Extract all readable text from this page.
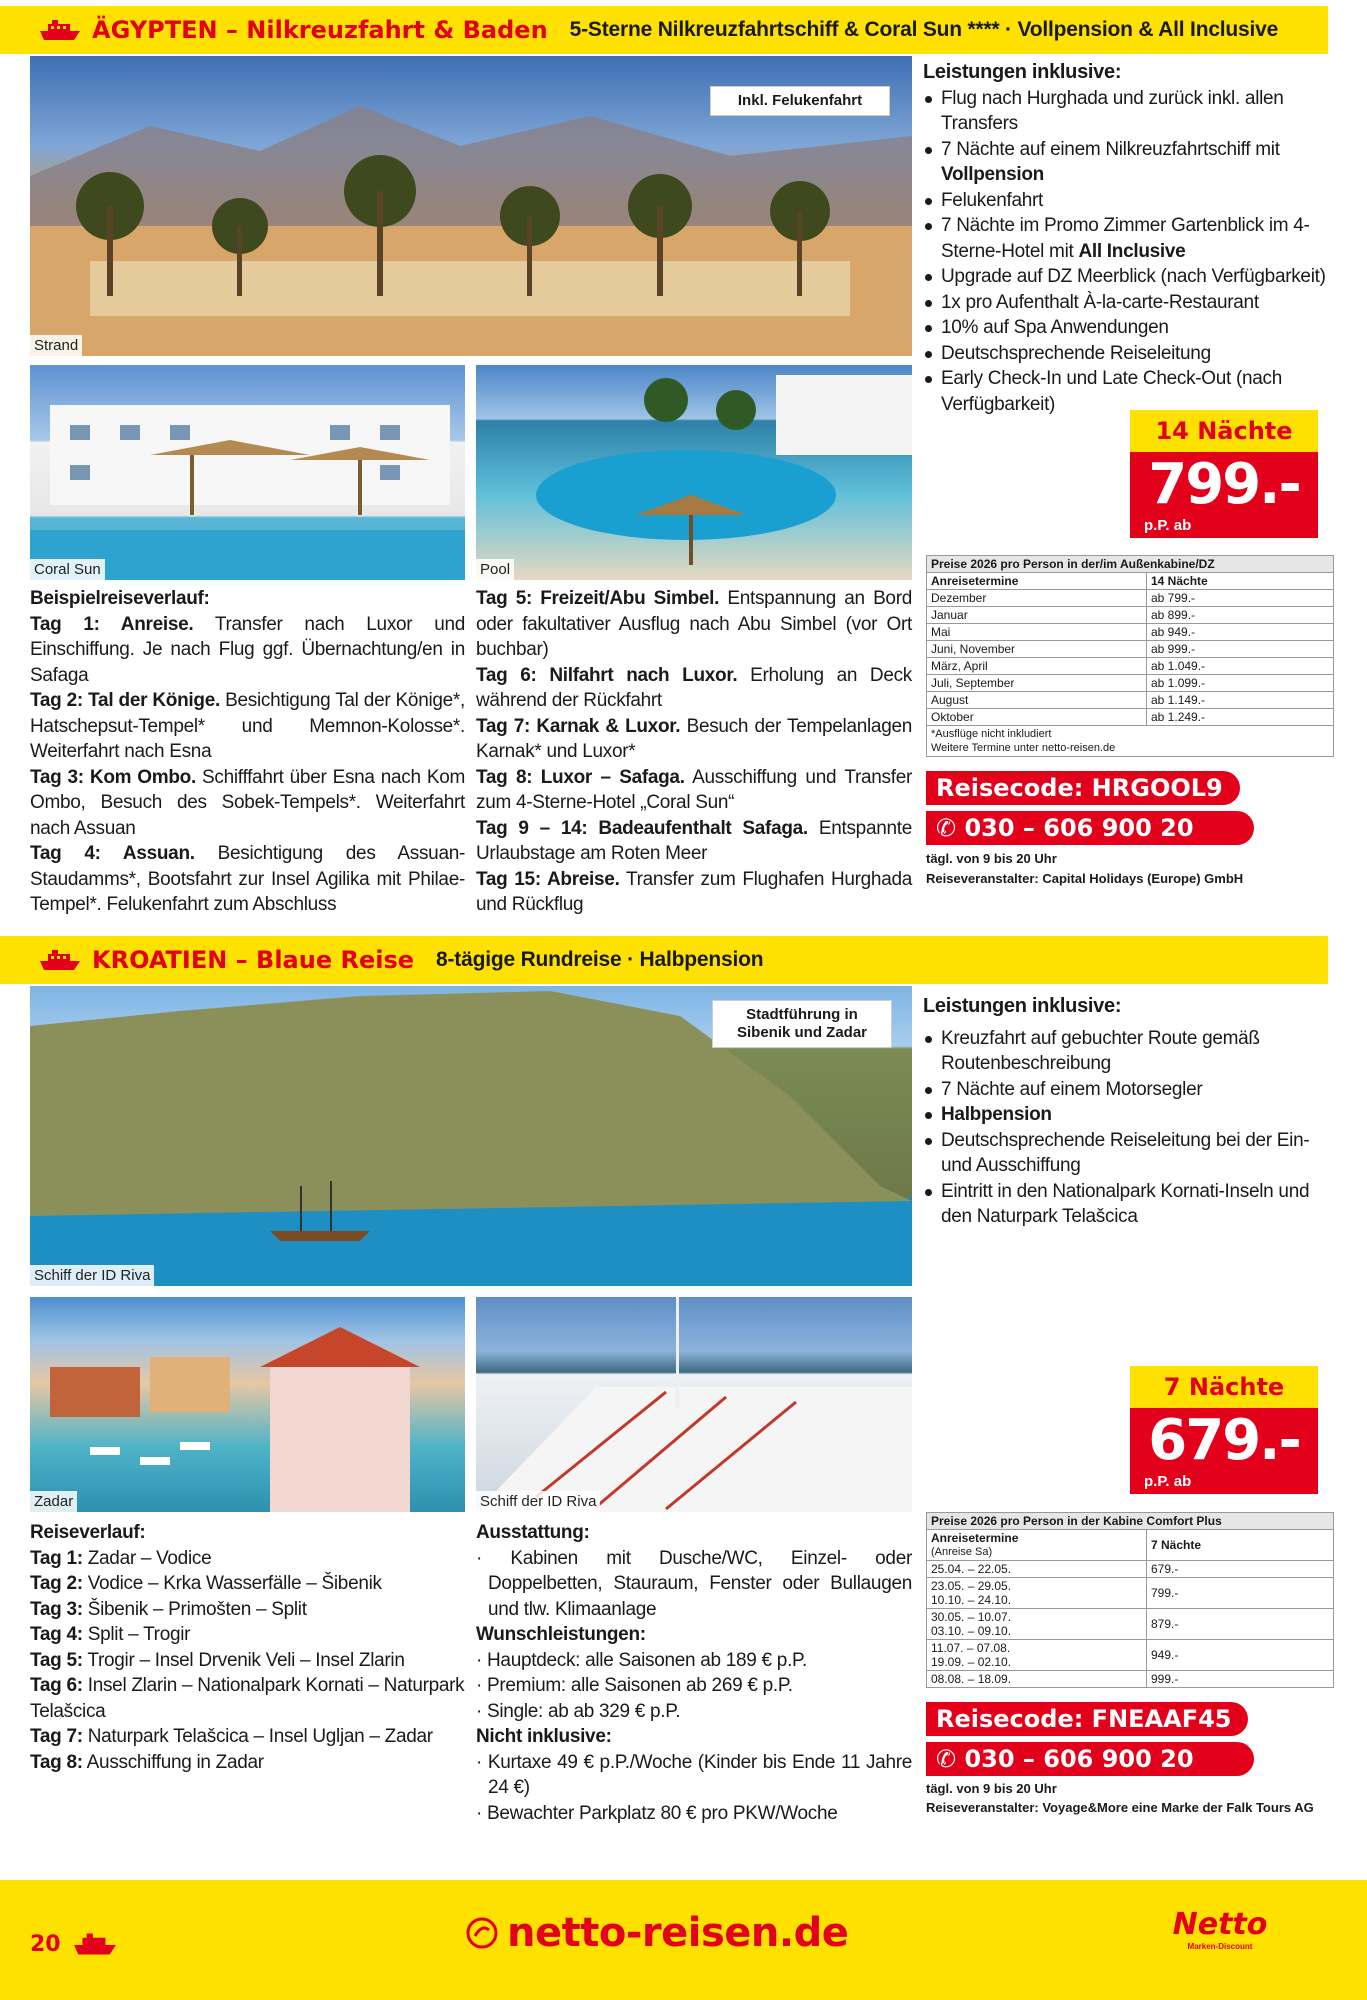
ÄGYPTEN – Nilkreuzfahrt & Baden 5-Sterne Nilkreuzfahrtschiff & Coral Sun **** · Vollpension & All Inclusive
Inkl. Felukenfahrt
Strand
Coral Sun	Pool
Leistungen inklusive:
Flug nach Hurghada und zurück inkl. allen Transfers
7 Nächte auf einem Nilkreuzfahrtschiff mit Vollpension
Felukenfahrt
7 Nächte im Promo Zimmer Gartenblick im 4-Sterne-Hotel mit All Inclusive
Upgrade auf DZ Meerblick (nach Verfügbarkeit)
1x pro Aufenthalt À-la-carte-Restaurant
10% auf Spa Anwendungen
Deutschsprechende Reiseleitung
Early Check-In und Late Check-Out (nach Verfügbarkeit)
Beispielreiseverlauf:
Tag 1: Anreise. Transfer nach Luxor und Einschiffung. Je nach Flug ggf. Übernachtung/en in Safaga
Tag 2: Tal der Könige. Besichtigung Tal der Könige*, Hatschepsut-Tempel* und Memnon-Kolosse*. Weiterfahrt nach Esna
Tag 3: Kom Ombo. Schifffahrt über Esna nach Kom Ombo, Besuch des Sobek-Tempels*. Weiterfahrt nach Assuan
Tag 4: Assuan. Besichtigung des Assuan-Staudamms*, Bootsfahrt zur Insel Agilika mit Philae-Tempel*. Felukenfahrt zum Abschluss
Tag 5: Freizeit/Abu Simbel. Entspannung an Bord oder fakultativer Ausflug nach Abu Simbel (vor Ort buchbar)
Tag 6: Nilfahrt nach Luxor. Erholung an Deck während der Rückfahrt
Tag 7: Karnak & Luxor. Besuch der Tempelanlagen Karnak* und Luxor*
Tag 8: Luxor – Safaga. Ausschiffung und Transfer zum 4-Sterne-Hotel „Coral Sun“
Tag 9 – 14: Badeaufenthalt Safaga. Entspannte Urlaubstage am Roten Meer
Tag 15: Abreise. Transfer zum Flughafen Hurghada und Rückflug
14 Nächte
799.-
p.P. ab
Preise 2026 pro Person in der/im Außenkabine/DZ	
Anreisetermine	14 Nächte
Dezember	ab 799.-
Januar	ab 899.-
Mai	ab 949.-
Juni, November	ab 999.-
März, April	ab 1.049.-
Juli, September	ab 1.099.-
August	ab 1.149.-
Oktober	ab 1.249.-

*Ausflüge nicht inkludiert
Weitere Termine unter netto-reisen.de	
Reisecode: HRGOOL9
✆ 030 – 606 900 20
tägl. von 9 bis 20 Uhr
Reiseveranstalter: Capital Holidays (Europe) GmbH
KROATIEN – Blaue Reise 8-tägige Rundreise · Halbpension
Stadtführung in Sibenik und Zadar
Schiff der ID Riva
Zadar	Schiff der ID Riva
Leistungen inklusive:
Kreuzfahrt auf gebuchter Route gemäß Routenbeschreibung
7 Nächte auf einem Motorsegler
Halbpension
Deutschsprechende Reiseleitung bei der Ein- und Ausschiffung
Eintritt in den Nationalpark Kornati-Inseln und den Naturpark Telašcica
Reiseverlauf:
Tag 1: Zadar – Vodice
Tag 2: Vodice – Krka Wasserfälle – Šibenik
Tag 3: Šibenik – Primošten – Split
Tag 4: Split – Trogir
Tag 5: Trogir – Insel Drvenik Veli – Insel Zlarin
Tag 6: Insel Zlarin – Nationalpark Kornati – Naturpark Telašcica
Tag 7: Naturpark Telašcica – Insel Ugljan – Zadar
Tag 8: Ausschiffung in Zadar
Ausstattung:
· Kabinen mit Dusche/WC, Einzel- oder Doppelbetten, Stauraum, Fenster oder Bullaugen und tlw. Klimaanlage
Wunschleistungen:
· Hauptdeck: alle Saisonen ab 189 € p.P.
· Premium: alle Saisonen ab 269 € p.P.
· Single: ab ab 329 € p.P.
Nicht inklusive:
· Kurtaxe 49 € p.P./Woche (Kinder bis Ende 11 Jahre 24 €)
· Bewachter Parkplatz 80 € pro PKW/Woche
7 Nächte
679.-
p.P. ab
Preise 2026 pro Person in der Kabine Comfort Plus	
Anreisetermine
(Anreise Sa)	7 Nächte
25.04. – 22.05.	679.-
23.05. – 29.05.
10.10. – 24.10.	799.-
30.05. – 10.07.
03.10. – 09.10.	879.-
11.07. – 07.08.
19.09. – 02.10.	949.-
08.08. – 18.09.	999.-
Reisecode: FNEAAF45
✆ 030 – 606 900 20
tägl. von 9 bis 20 Uhr
Reiseveranstalter: Voyage&More eine Marke der Falk Tours AG
20	netto-reisen.de	Netto
Marken-Discount
